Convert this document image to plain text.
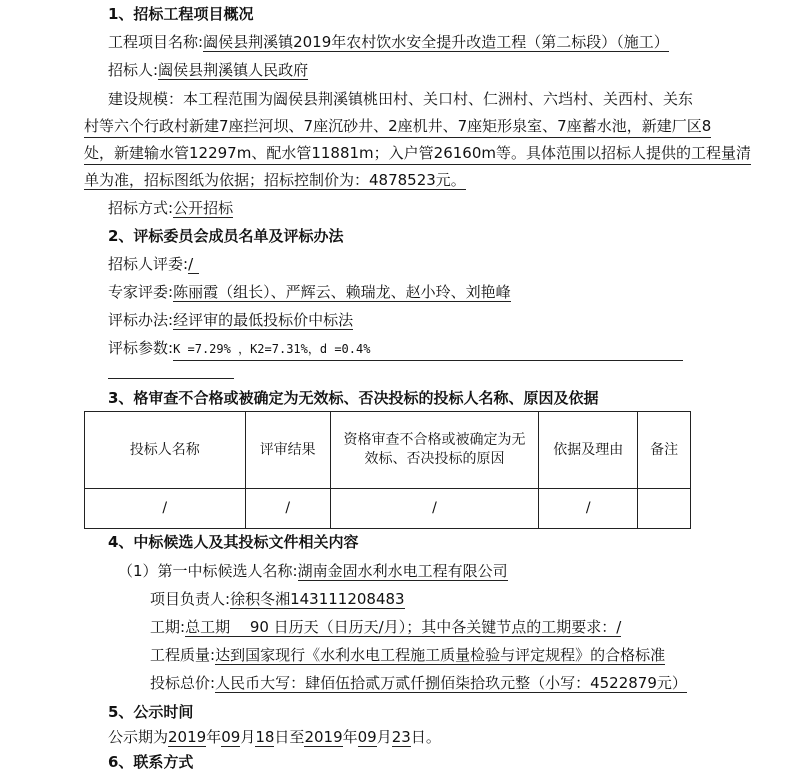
1、招标工程项目概况
工程项目名称:阖侯县荆溪镇2019年农村饮水安全提升改造工程（第二标段）（施工）
招标人:阖侯县荆溪镇人民政府
建设规模：本工程范围为阖侯县荆溪镇桃田村、关口村、仁洲村、六垱村、关西村、关东
村等六个行政村新建7座拦河坝、7座沉砂井、2座机井、7座矩形泉室、7座蓄水池，新建厂区8
处，新建输水管12297m、配水管11881m；入户管26160m等。具体范围以招标人提供的工程量清
单为准，招标图纸为依据；招标控制价为：4878523元。
招标方式:公开招标
2、评标委员会成员名单及评标办法
招标人评委:/
专家评委:陈丽霞（组长）、严辉云、赖瑞龙、赵小玲、刘艳峰
评标办法:经评审的最低投标价中标法
评标参数:K =7.29% ，K2=7.31%，d =0.4%
3、格审查不合格或被确定为无效标、否决投标的投标人名称、原因及依据
投标人名称	评审结果	资格审查不合格或被确定为无效标、否决投标的原因	依据及理由	备注
/	/	/	/	
4、中标候选人及其投标文件相关内容
（1）第一中标候选人名称:湖南金固水利水电工程有限公司
项目负责人:徐积冬湘143111208483
工期:总工期　 90 日历天（日历天/月）；其中各关键节点的工期要求：/
工程质量:达到国家现行《水利水电工程施工质量检验与评定规程》的合格标准
投标总价:人民币大写：肆佰伍拾贰万贰仟捌佰柒拾玖元整（小写：4522879元）
5、公示时间
公示期为2019年09月18日至2019年09月23日。
6、联系方式
